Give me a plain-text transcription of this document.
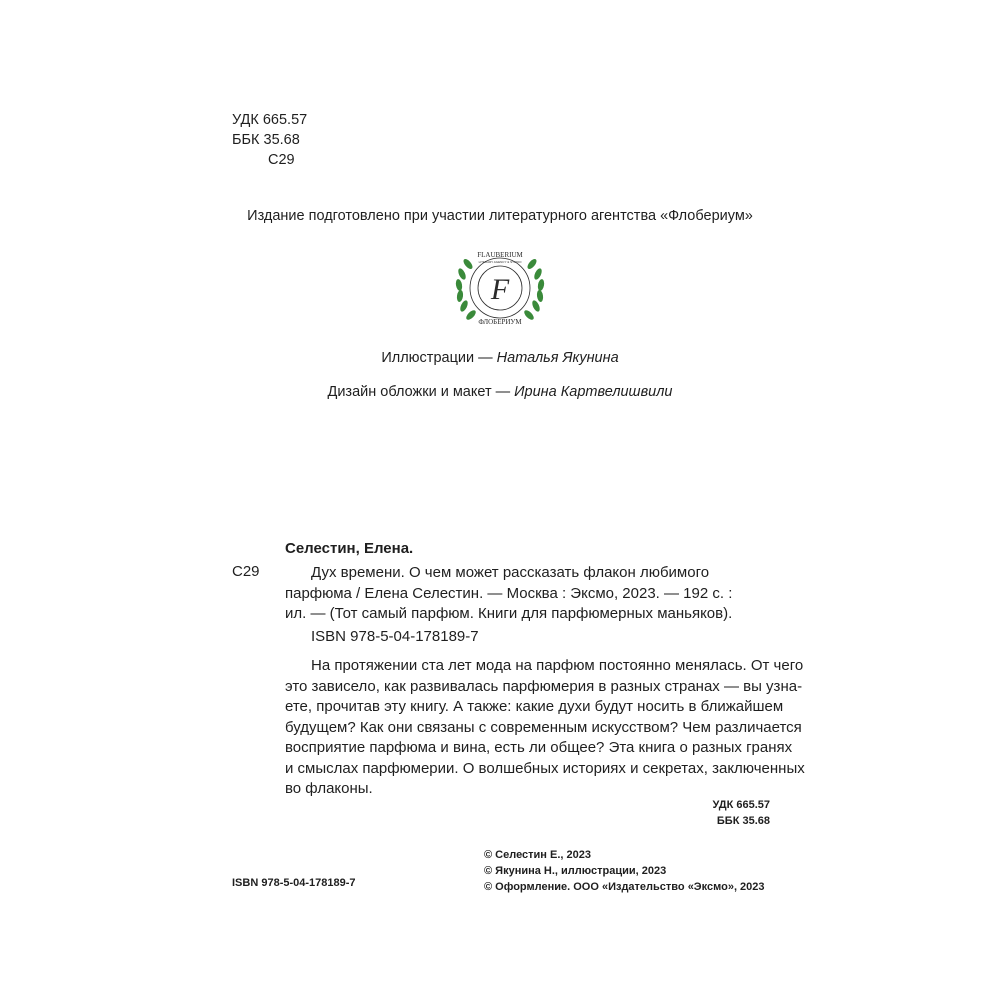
УДК 665.57
ББК 35.68
С29
Издание подготовлено при участии литературного агентства «Флобериум»
FLAUBERIUM
LITERARY AGENCY & STUDIO
F
ФЛОБЕРИУМ
Иллюстрации — Наталья Якунина
Дизайн обложки и макет — Ирина Картвелишвили
Селестин, Елена.
С29	Дух времени. О чем может рассказать флакон любимого
парфюма / Елена Селестин. — Москва : Эксмо, 2023. — 192 с. :
ил. — (Тот самый парфюм. Книги для парфюмерных маньяков).
ISBN 978-5-04-178189-7
На протяжении ста лет мода на парфюм постоянно менялась. От чего
это зависело, как развивалась парфюмерия в разных странах — вы узна-
ете, прочитав эту книгу. А также: какие духи будут носить в ближайшем
будущем? Как они связаны с современным искусством? Чем различается
восприятие парфюма и вина, есть ли общее? Эта книга о разных гранях
и смыслах парфюмерии. О волшебных историях и секретах, заключенных
во флаконы.
УДК 665.57
ББК 35.68
© Селестин Е., 2023
© Якунина Н., иллюстрации, 2023
© Оформление. ООО «Издательство «Эксмо», 2023
ISBN 978-5-04-178189-7
